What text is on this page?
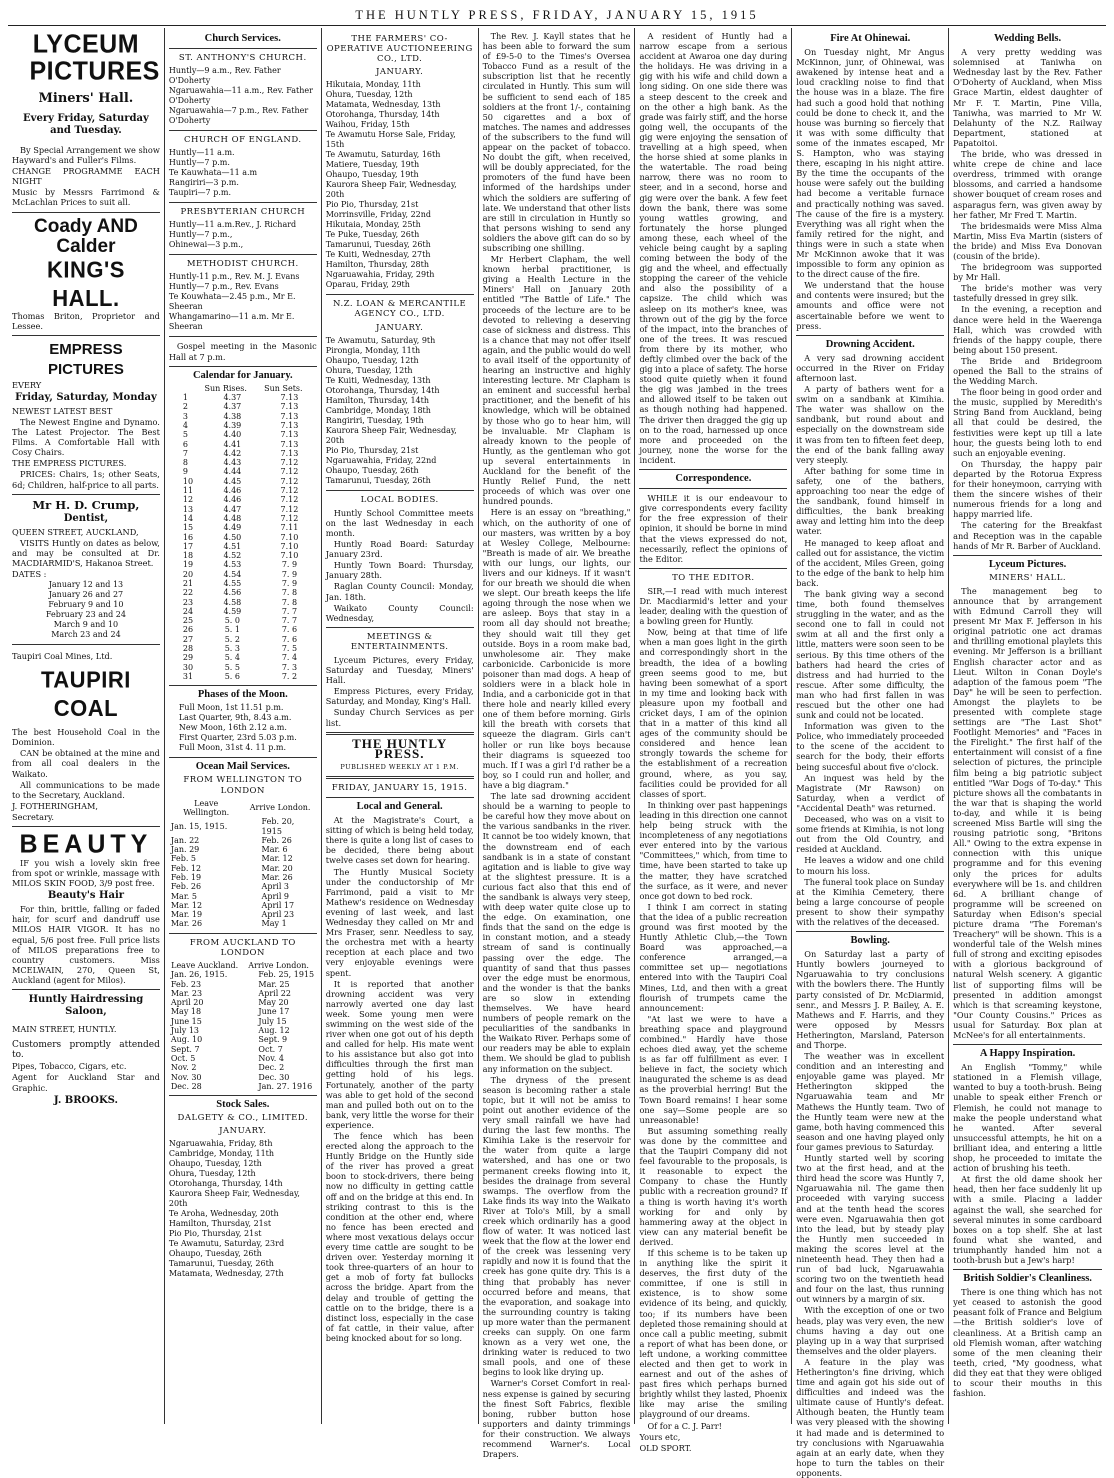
THE HUNTLY PRESS, FRIDAY, JANUARY 15, 1915
LYCEUM
PICTURES
Miners' Hall.
Every Friday, Saturday and Tuesday.

By Special Arrangement we show Hayward's and Fuller's Films.

CHANGE PROGRAMME EACH NIGHT

Music by Messrs Farrimond & McLachlan Prices to suit all.

Coady AND Calder
KING'S HALL.

Thomas Briton, Proprietor and Lessee.

EMPRESS PICTURES

EVERY

Friday, Saturday, Monday

NEWEST LATEST BEST

The Newest Engine and Dynamo. The Latest Projector. The Best Films. A Comfortable Hall with Cosy Chairs.

THE EMPRESS PICTURES.

PRICES: Chairs, 1s; other Seats, 6d; Children, half-price to all parts.

Mr H. D. Crump,
Dentist,

QUEEN STREET, AUCKLAND,

VISITS Huntly on dates as below, and may be consulted at Dr. MACDIARMID'S, Hakanoa Street.

DATES :

January 12 and 13
January 26 and 27
February 9 and 10
February 23 and 24
March 9 and 10
March 23 and 24

Taupiri Coal Mines, Ltd.

TAUPIRI COAL

The best Household Coal in the Dominion.

CAN be obtained at the mine and from all coal dealers in the Waikato.

All communications to be made to the Secretary, Auckland.

J. FOTHERINGHAM,

Secretary.

BEAUTY

IF you wish a lovely skin free from spot or wrinkle, massage with MILOS SKIN FOOD, 3/9 post free.

Beauty's Hair

For thin, brittle, falling or faded hair, for scurf and dandruff use MILOS HAIR VIGOR. It has no equal, 5/6 post free. Full price lists of MILOS preparations free to country customers. Miss MCELWAIN, 270, Queen St, Auckland (agent for Milos).

Huntly Hairdressing Saloon,

MAIN STREET, HUNTLY.

Customers promptly attended to.

Pipes, Tobacco, Cigars, etc.

Agent for Auckland Star and Graphic.

J. BROOKS.
Church Services.
ST. ANTHONY'S CHURCH.
Huntly—9 a.m., Rev. Father O'Doherty
Ngaruawahia—11 a.m., Rev. Father O'Doherty
Ngaruawahia—7 p.m., Rev. Father O'Doherty
CHURCH OF ENGLAND.
Huntly—11 a.m.
Huntly—7 p.m.
Te Kauwhata—11 a.m
Rangiriri—3 p.m.
Taupiri—7 p.m.
PRESBYTERIAN CHURCH
Huntly—11 a.m.Rev., J. Richard
Huntly—7 p.m.,
Ohinewai—3 p.m.,
METHODIST CHURCH.
Huntly-11 p.m., Rev. M. J. Evans
Huntly—7 p.m., Rev. Evans
Te Kouwhata—2.45 p.m., Mr E. Sheeran
Whangamarino—11 a.m. Mr E. Sheeran

Gospel meeting in the Masonic Hall at 7 p.m.

Calendar for January.
	Sun Rises.	Sun Sets.
1	4.37	7.13
2	4.37	7.13
3	4.38	7.13
4	4.39	7.13
5	4.40	7.13
6	4.41	7.13
7	4.42	7.13
8	4.43	7.12
9	4.44	7.12
10	4.45	7.12
11	4.46	7.12
12	4.46	7.12
13	4.47	7.12
14	4.48	7.12
15	4.49	7.11
16	4.50	7.10
17	4.51	7.10
18	4.52	7.10
19	4.53	7. 9
20	4.54	7. 9
21	4.55	7. 9
22	4.56	7. 8
23	4.58	7. 8
24	4.59	7. 7
25	5. 0	7. 7
26	5. 1	7. 6
27	5. 2	7. 6
28	5. 3	7. 5
29	5. 4	7. 4
30	5. 5	7. 3
31	5. 6	7. 2
Phases of the Moon.
Full Moon, 1st 11.51 p.m.
Last Quarter, 9th, 8.43 a.m.
New Moon, 16th 2.12 a.m.
First Quarter, 23rd 5.03 p.m.
Full Moon, 31st 4. 11 p.m.
Ocean Mail Services.
FROM WELLINGTON TO LONDON
Leave Wellington.	Arrive London.
Jan. 15, 1915.	Feb. 20, 1915
Jan. 22	Feb. 26
Jan. 29	Mar. 6
Feb. 5	Mar. 12
Feb. 12	Mar. 20
Feb. 19	Mar. 26
Feb. 26	April 3
Mar. 5	April 9
Mar. 12	April 17
Mar. 19	April 23
Mar. 26	May 1
FROM AUCKLAND TO LONDON
Leave Auckland.	Arrive London.
Jan. 26, 1915.	Feb. 25, 1915
Feb. 23	Mar. 25
Mar. 23	April 22
April 20	May 20
May 18	June 17
June 15	July 15
July 13	Aug. 12
Aug. 10	Sept. 9
Sept. 7	Oct. 7
Oct. 5	Nov. 4
Nov. 2	Dec. 2
Nov. 30	Dec. 30
Dec. 28	Jan. 27. 1916
Stock Sales.
DALGETY & CO., LIMITED.
JANUARY.
Ngaruawahia, Friday, 8th
Cambridge, Monday, 11th
Ohaupo, Tuesday, 12th
Ohura, Tuesday, 12th
Otorohanga, Thursday, 14th
Kaurora Sheep Fair, Wednesday, 20th
Te Aroha, Wednesday, 20th
Hamilton, Thursday, 21st
Pio Pio, Thursday, 21st
Te Awamutu, Saturday, 23rd
Ohaupo, Tuesday, 26th
Tamarunui, Tuesday, 26th
Matamata, Wednesday, 27th
THE FARMERS' CO-OPERATIVE AUCTIONEERING CO., LTD.
JANUARY.
Hikutaia, Monday, 11th
Ohura, Tuesday, 12th
Matamata, Wednesday, 13th
Otorohanga, Thursday, 14th
Waihou, Friday, 15th
Te Awamutu Horse Sale, Friday, 15th
Te Awamutu, Saturday, 16th
Matiere, Tuesday, 19th
Ohaupo, Tuesday, 19th
Kaurora Sheep Fair, Wednesday, 20th
Pio Pio, Thursday, 21st
Morrinsville, Friday, 22nd
Hikutaia, Monday, 25th
Te Puke, Tuesday, 26th
Tamarunui, Tuesday, 26th
Te Kuiti, Wednesday, 27th
Hamilton, Thursday, 28th
Ngaruawahia, Friday, 29th
Oparau, Friday, 29th
N.Z. LOAN & MERCANTILE AGENCY CO., LTD.
JANUARY.
Te Awamutu, Saturday, 9th
Pirongia, Monday, 11th
Ohaupo, Tuesday, 12th
Ohura, Tuesday, 12th
Te Kuiti, Wednesday, 13th
Otorohanga, Thursday, 14th
Hamilton, Thursday, 14th
Cambridge, Monday, 18th
Rangiriri, Tuesday, 19th
Kaurora Sheep Fair, Wednesday, 20th
Pio Pio, Thursday, 21st
Ngaruawahia, Friday, 22nd
Ohaupo, Tuesday, 26th
Tamarunui, Tuesday, 26th
LOCAL BODIES.

Huntly School Committee meets on the last Wednesday in each month.

Huntly Road Board: Saturday January 23rd.

Huntly Town Board: Thursday, January 28th.

Raglan County Council: Monday, Jan. 18th.

Waikato County Council: Wednesday,

MEETINGS & ENTERTAINMENTS.

Lyceum Pictures, every Friday, Saturday and Tuesday, Miners' Hall.

Empress Pictures, every Friday, Saturday, and Monday, King's Hall.

Sunday Church Services as per list.

THE HUNTLY PRESS.
PUBLISHED WEEKLY AT 1 P.M.
FRIDAY, JANUARY 15, 1915.
Local and General.

At the Magistrate's Court, a sitting of which is being held today, there is quite a long list of cases to be decided, there being about twelve cases set down for hearing.

The Huntly Musical Society under the conductorship of Mr Farrimond, paid a visit to Mr Mathew's residence on Wednesday evening of last week, and last Wednesday they called on Mr and Mrs Fraser, senr. Needless to say, the orchestra met with a hearty reception at each place and two very enjoyable evenings were spent.

It is reported that another drowning accident was very narrowly averted one day last week. Some young men were swimming on the west side of the river when one got out of his depth and called for help. His mate went to his assistance but also got into difficulties through the first man getting hold of his legs. Fortunately, another of the party was able to get hold of the second man and pulled both out on to the bank, very little the worse for their experience.

The fence which has been erected along the approach to the Huntly Bridge on the Huntly side of the river has proved a great boon to stock-drivers, there being now no difficulty in getting cattle off and on the bridge at this end. In striking contrast to this is the condition at the other end, where no fence has been erected and where most vexatious delays occur every time cattle are sought to be driven over. Yesterday morning it took three-quarters of an hour to get a mob of forty fat bullocks across the bridge. Apart from the delay and trouble of getting the cattle on to the bridge, there is a distinct loss, especially in the case of fat cattle, in their value, after being knocked about for so long.

The Rev. J. Kayll states that he has been able to forward the sum of £9-5-0 to the Times's Oversea Tobacco Fund as a result of the subscription list that he recently circulated in Huntly. This sum will be sufficient to send each of 185 soldiers at the front 1/-, containing 50 cigarettes and a box of matches. The names and addresses of the subscribers to the fund will appear on the packet of tobacco. No doubt the gift, when received, will be doubly appreciated, for the promoters of the fund have been informed of the hardships under which the soldiers are suffering of late. We understand that other lists are still in circulation in Huntly so that persons wishing to send any soldiers the above gift can do so by subscribing one shilling.

Mr Herbert Clapham, the well known herbal practitioner, is giving a Health Lecture in the Miners' Hall on January 20th entitled "The Battle of Life." The proceeds of the lecture are to be devoted to relieving a deserving case of sickness and distress. This is a chance that may not offer itself again, and the public would do well to avail itself of the opportunity of hearing an instructive and highly interesting lecture. Mr Clapham is an eminent and successful herbal practitioner, and the benefit of his knowledge, which will be obtained by those who go to hear him, will be invaluable. Mr Clapham is already known to the people of Huntly, as the gentleman who got up several entertainments in Auckland for the benefit of the Huntly Relief Fund, the nett proceeds of which was over one hundred pounds.

Here is an essay on "breathing," which, on the authority of one of our masters, was written by a boy at Wesley College, Melbourne: "Breath is made of air. We breathe with our lungs, our lights, our livers and our kidneys. If it wasn't for our breath we should die when we slept. Our breath keeps the life agoing through the nose when we are asleep. Boys that stay in a room all day should not breathe; they should wait till they get outside. Boys in a room make bad, unwholesome air. They make carbonicide. Carbonicide is more poisoner than mad dogs. A heap of soldiers were in a black hole in India, and a carbonicide got in that there hole and nearly killed every one of them before morning. Girls kill the breath with corsets that squeeze the diagram. Girls can't holler or run like boys because their diagrams is squeezed too much. If I was a girl I'd rather be a boy, so I could run and holler, and have a big diagram."

The late sad drowning accident should be a warning to people to be careful how they move about on the various sandbanks in the river. It cannot be too widely known, that the downstream end of each sandbank is in a state of constant agitation and is liable to give way at the slightest pressure. It is a curious fact also that this end of the sandbank is always very steep, with deep water quite close up to the edge. On examination, one finds that the sand on the edge is in constant motion, and a steady stream of sand is continually passing over the edge. The quantity of sand that thus passes over the edge must be enormous, and the wonder is that the banks are so slow in extending themselves. We have heard numbers of people remark on the peculiarities of the sandbanks in the Waikato River. Perhaps some of our readers may be able to explain them. We should be glad to publish any information on the subject.

The dryness of the present season is becoming rather a stale topic, but it will not be amiss to point out another evidence of the very small rainfall we have had during the last few months. The Kimihia Lake is the reservoir for the water from quite a large watershed, and has one or two permanent creeks flowing into it, besides the drainage from several swamps. The overflow from the Lake finds its way into the Waikato River at Tolo's Mill, by a small creek which ordinarily has a good flow of water. It was noticed last week that the flow at the lower end of the creek was lessening very rapidly and now it is found that the creek has gone quite dry. This is a thing that probably has never occurred before and means, that the evaporation, and soakage into the surrounding country is taking up more water than the permanent creeks can supply. On one farm known as a very wet one, the drinking water is reduced to two small pools, and one of these begins to look like drying up.

Warner's Corset Comfort in real-ness expense is gained by securing the finest Soft Fabrics, flexible boning, rubber button hose supporters and dainty trimmings for their construction. We always recommend Warner's. Local Drapers.

A resident of Huntly had a narrow escape from a serious accident at Awaroa one day during the holidays. He was driving in a gig with his wife and child down a long siding. On one side there was a steep descent to the creek and on the other a high bank. As the grade was fairly stiff, and the horse going well, the occupants of the gig were enjoying the sensation of travelling at a high speed, when the horse shied at some planks in the watertable. The road being narrow, there was no room to steer, and in a second, horse and gig were over the bank. A few feet down the bank, there was some young wattles growing, and fortunately the horse plunged among these, each wheel of the vehicle being caught by a sapling coming between the body of the gig and the wheel, and effectually stopping the career of the vehicle and also the possibility of a capsize. The child which was asleep on its mother's knee, was thrown out of the gig by the force of the impact, into the branches of one of the trees. It was rescued from there by its mother, who deftly climbed over the back of the gig into a place of safety. The horse stood quite quietly when it found the gig was jambed in the trees and allowed itself to be taken out as though nothing had happened. The driver then dragged the gig up on to the road, harnessed up once more and proceeded on the journey, none the worse for the incident.

Correspondence.

WHILE it is our endeavour to give correspondents every facility for the free expression of their opinion, it should be borne in mind that the views expressed do not, necessarily, reflect the opinions of the Editor.

TO THE EDITOR.

SIR,—I read with much interest Dr. Macdiarmid's letter and your leader, dealing with the question of a bowling green for Huntly.

Now, being at that time of life when a man goes light in the girth and correspondingly short in the breadth, the idea of a bowling green seems good to me, but having been somewhat of a sport in my time and looking back with pleasure upon my football and cricket days, I am of the opinion that in a matter of this kind all ages of the community should be considered and hence lean strongly towards the scheme for the establishment of a recreation ground, where, as you say, facilities could be provided for all classes of sport.

In thinking over past happenings leading in this direction one cannot help being struck with the incompleteness of any negotiations ever entered into by the various "Committees," which, from time to time, have been started to take up the matter, they have scratched the surface, as it were, and never once got down to bed rock.

I think I am correct in stating that the idea of a public recreation ground was first mooted by the Huntly Athletic Club,—the Town Board was approached,—a conference arranged,—a committee set up— negotiations entered into with the Taupiri Coal Mines, Ltd, and then with a great flourish of trumpets came the announcement:

"At last we were to have a breathing space and playground combined." Hardly have those echoes died away, yet the scheme is as far off fulfillment as ever. I believe in fact, the society which inaugurated the scheme is as dead as the proverbial herring! But the Town Board remains! I hear some one say—Some people are so unreasonable!

But assuming something really was done by the committee and that the Taupiri Company did not feel favourable to the proposals, is it reasonable to expect the Company to chase the Huntly public with a recreation ground? If a thing is worth having it's worth working for and only by hammering away at the object in view can any material benefit be derived.

If this scheme is to be taken up in anything like the spirit it deserves, the first duty of the committee, if one is still in existence, is to show some evidence of its being, and quickly, too; if its numbers have been depleted those remaining should at once call a public meeting, submit a report of what has been done, or left undone, a working committee elected and then get to work in earnest and out of the ashes of past fires which perhaps burned brightly whilst they lasted, Phoenix like may arise the smiling playground of our dreams.

Of for a C. J. Parr!

Yours etc,

OLD SPORT.

Fire At Ohinewai.

On Tuesday night, Mr Angus McKinnon, junr, of Ohinewai, was awakened by intense heat and a loud crackling noise to find that the house was in a blaze. The fire had such a good hold that nothing could be done to check it, and the house was burning so fiercely that it was with some difficulty that some of the inmates escaped, Mr S. Hampton, who was staying there, escaping in his night attire. By the time the occupants of the house were safely out the building had become a veritable furnace and practically nothing was saved. The cause of the fire is a mystery. Everything was all right when the family retired for the night, and things were in such a state when Mr McKinnon awoke that it was impossible to form any opinion as to the direct cause of the fire.

We understand that the house and contents were insured; but the amounts and office were not ascertainable before we went to press.

Drowning Accident.

A very sad drowning accident occurred in the River on Friday afternoon last.

A party of bathers went for a swim on a sandbank at Kimihia. The water was shallow on the sandbank, but round about and especially on the downstream side it was from ten to fifteen feet deep, the end of the bank falling away very steeply.

After bathing for some time in safety, one of the bathers, approaching too near the edge of the sandbank, found himself in difficulties, the bank breaking away and letting him into the deep water.

He managed to keep afloat and called out for assistance, the victim of the accident, Miles Green, going to the edge of the bank to help him back.

The bank giving way a second time, both found themselves struggling in the water, and as the second one to fall in could not swim at all and the first only a little, matters were soon seen to be serious. By this time others of the bathers had heard the cries of distress and had hurried to the rescue. After some difficulty, the man who had first fallen in was rescued but the other one had sunk and could not be located.

Information was given to the Police, who immediately proceeded to the scene of the accident to search for the body, their efforts being succesful about five o'clock.

An inquest was held by the Magistrate (Mr Rawson) on Saturday, when a verdict of "Accidental Death" was returned.

Deceased, who was on a visit to some friends at Kimihia, is not long out from the Old Country, and resided at Auckland.

He leaves a widow and one child to mourn his loss.

The funeral took place on Sunday at the Kimihia Cemetery, there being a large concourse of people present to show their sympathy with the relatives of the deceased.

Bowling.

On Saturday last a party of Huntly bowlers journeyed to Ngaruawahia to try conclusions with the bowlers there. The Huntly party consisted of Dr. McDiarmid, senr., and Messrs J. P. Bailey, A. E. Mathews and F. Harris, and they were opposed by Messrs Hetherington, Marsland, Paterson and Thorpe.

The weather was in excellent condition and an interesting and enjoyable game was played. Mr Hetherington skipped the Ngaruawahia team and Mr Mathews the Huntly team. Two of the Huntly team were new at the game, both having commenced this season and one having played only four games previous to Saturday.

Huntly started well by scoring two at the first head, and at the third head the score was Huntly 7, Ngaruawahia nil. The game then proceeded with varying success and at the tenth head the scores were even. Ngaruawahia then got into the lead, but by steady play the Huntly men succeeded in making the scores level at the nineteenth head. They then had a run of bad luck, Ngaruawahia scoring two on the twentieth head and four on the last, thus running out winners by a margin of six.

With the exception of one or two heads, play was very even, the new chums having a day out one playing up in a way that surprised themselves and the older players.

A feature in the play was Hetherington's fine driving, which time and again got his side out of difficulties and indeed was the ultimate cause of Huntly's defeat. Although beaten, the Huntly team was very pleased with the showing it had made and is determined to try conclusions with Ngaruawahia again at an early date, when they hope to turn the tables on their opponents.

Wedding Bells.

A very pretty wedding was solemnised at Taniwha on Wednesday last by the Rev. Father O'Doherty of Auckland, when Miss Grace Martin, eldest daughter of Mr F. T. Martin, Pine Villa, Taniwha, was married to Mr W. Delahunty of the N.Z. Railway Department, stationed at Papatoitoi.

The bride, who was dressed in white crepe de chine and lace overdress, trimmed with orange blossoms, and carried a handsome shower bouquet of cream roses and asparagus fern, was given away by her father, Mr Fred T. Martin.

The bridesmaids were Miss Alma Martin, Miss Eva Martin (sisters of the bride) and Miss Eva Donovan (cousin of the bride).

The bridegroom was supported by Mr Hall.

The bride's mother was very tastefully dressed in grey silk.

In the evening, a reception and dance were held in the Waerenga Hall, which was crowded with friends of the happy couple, there being about 150 present.

The Bride and Bridegroom opened the Ball to the strains of the Wedding March.

The floor being in good order and the music, supplied by Meredith's String Band from Auckland, being all that could be desired, the festivities were kept up till a late hour, the guests being loth to end such an enjoyable evening.

On Thursday, the happy pair departed by the Rotorua Express for their honeymoon, carrying with them the sincere wishes of their numerous friends for a long and happy married life.

The catering for the Breakfast and Reception was in the capable hands of Mr R. Barber of Auckland.

Lyceum Pictures.
MINERS' HALL.

The management beg to announce that by arrangement with Edmund Carroll they will present Mr Max F. Jefferson in his original patriotic one act dramas and thrilling emotional playlets this evening. Mr Jefferson is a brilliant English character actor and as Lieut. Wilton in Conan Doyle's adaption of the famous poem "The Day" he will be seen to perfection. Amongst the playlets to be presented with complete stage settings are "The Last Shot" Footlight Memories" and "Faces in the Firelight." The first half of the entertainment will consist of a fine selection of pictures, the principle film being a big patriotic subject entitled "War Dogs of To-day." This picture shows all the combatants in the war that is shaping the world to-day, and while it is being screened Miss Bartle will sing the rousing patriotic song, "Britons All." Owing to the extra expense in connection with this unique programme and for this evening only the prices for adults everywhere will be 1s. and children 6d. A brilliant change of programme will be screened on Saturday when Edison's special picture drama "The Foreman's Treachery" will be shown. This is a wonderful tale of the Welsh mines full of strong and exciting episodes with a glorious background of natural Welsh scenery. A gigantic list of supporting films will be presented in addition amongst which is that screaming keystone, "Our County Cousins." Prices as usual for Saturday. Box plan at McNee's for all entertainments.

A Happy Inspiration.

An English "Tommy," while stationed in a Flemish village, wanted to buy a tooth-brush. Being unable to speak either French or Flemish, he could not manage to make the people understand what he wanted. After several unsuccessful attempts, he hit on a brilliant idea, and entering a little shop, he proceeded to imitate the action of brushing his teeth.

At first the old dame shook her head, then her face suddenly lit up with a smile. Placing a ladder against the wall, she searched for several minutes in some cardboard boxes on a top shelf. She at last found what she wanted, and triumphantly handed him not a tooth-brush but a Jew's harp!

British Soldier's Cleanliness.

There is one thing which has not yet ceased to astonish the good peasant folk of France and Belgium—the British soldier's love of cleanliness. At a British camp an old Flemish woman, after watching some of the men cleaning their teeth, cried, "My goodness, what did they eat that they were obliged to scour their mouths in this fashion.
